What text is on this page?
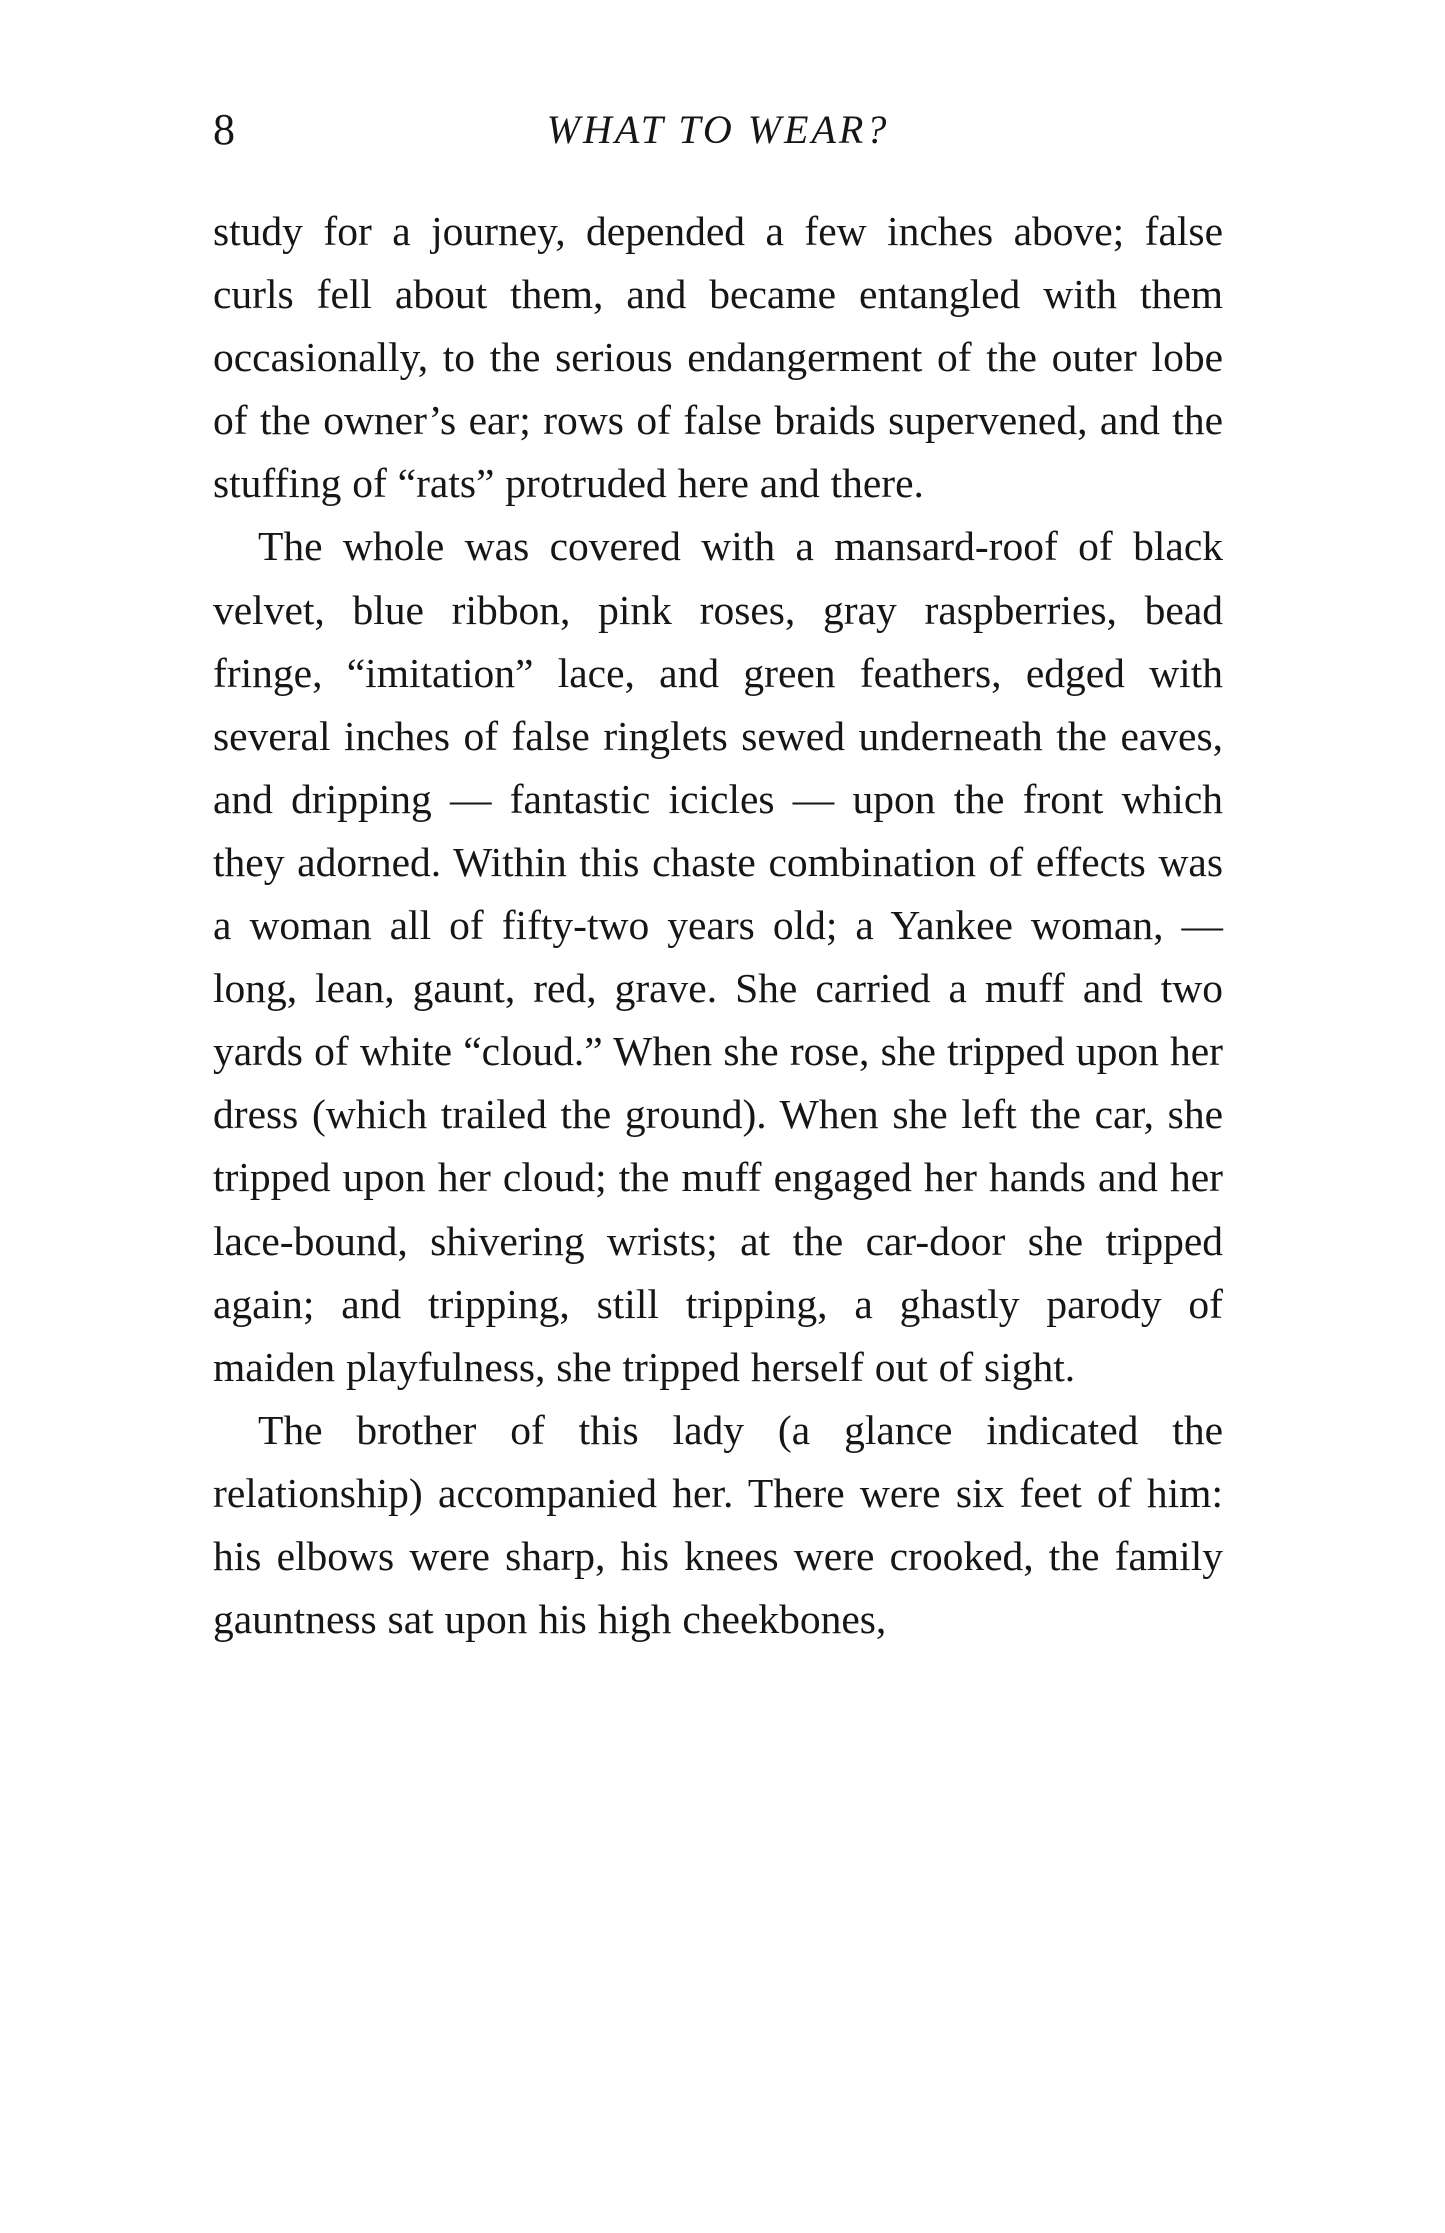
8	WHAT TO WEAR?

study for a journey, depended a few inches above; false curls fell about them, and became entangled with them occasionally, to the serious endangerment of the outer lobe of the owner’s ear; rows of false braids supervened, and the stuffing of “rats” protruded here and there.

The whole was covered with a mansard-roof of black velvet, blue ribbon, pink roses, gray raspberries, bead fringe, “imitation” lace, and green feathers, edged with several inches of false ringlets sewed underneath the eaves, and dripping — fantastic icicles — upon the front which they adorned. Within this chaste combination of effects was a woman all of fifty-two years old; a Yankee woman, — long, lean, gaunt, red, grave. She carried a muff and two yards of white “cloud.” When she rose, she tripped upon her dress (which trailed the ground). When she left the car, she tripped upon her cloud; the muff engaged her hands and her lace-bound, shivering wrists; at the car-door she tripped again; and tripping, still tripping, a ghastly parody of maiden playfulness, she tripped herself out of sight.

The brother of this lady (a glance indicated the relationship) accompanied her. There were six feet of him: his elbows were sharp, his knees were crooked, the family gauntness sat upon his high cheekbones,
